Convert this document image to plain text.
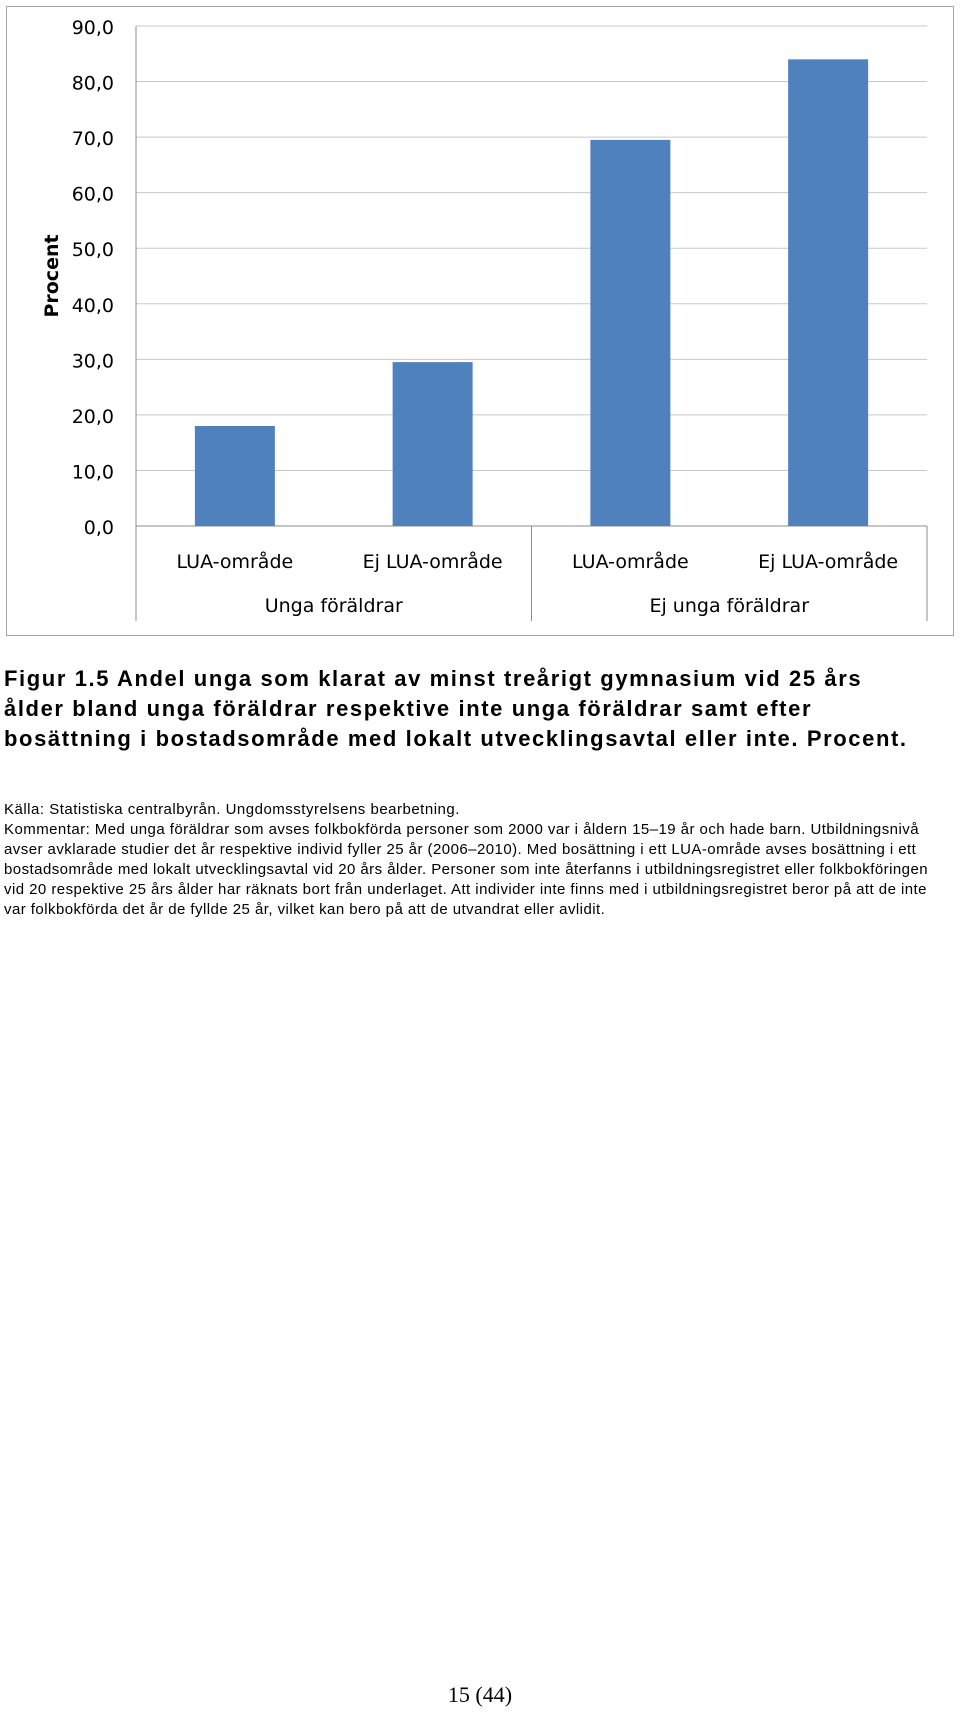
0,0
10,0
20,0
30,0
40,0
50,0
60,0
70,0
80,0
90,0
Procent
LUA-område	Ej LUA-område	LUA-område	Ej LUA-område
Unga föräldrar	Ej unga föräldrar

Figur 1.5 Andel unga som klarat av minst treårigt gymnasium vid 25 års ålder bland unga föräldrar respektive inte unga föräldrar samt efter bosättning i bostadsområde med lokalt utvecklingsavtal eller inte. Procent.

Källa: Statistiska centralbyrån. Ungdomsstyrelsens bearbetning.

Kommentar: Med unga föräldrar som avses folkbokförda personer som 2000 var i åldern 15–19 år och hade barn. Utbildningsnivå avser avklarade studier det år respektive individ fyller 25 år (2006–2010). Med bosättning i ett LUA-område avses bosättning i ett bostadsområde med lokalt utvecklingsavtal vid 20 års ålder. Personer som inte återfanns i utbildningsregistret eller folkbokföringen vid 20 respektive 25 års ålder har räknats bort från underlaget. Att individer inte finns med i utbildningsregistret beror på att de inte var folkbokförda det år de fyllde 25 år, vilket kan bero på att de utvandrat eller avlidit.

15 (44)
